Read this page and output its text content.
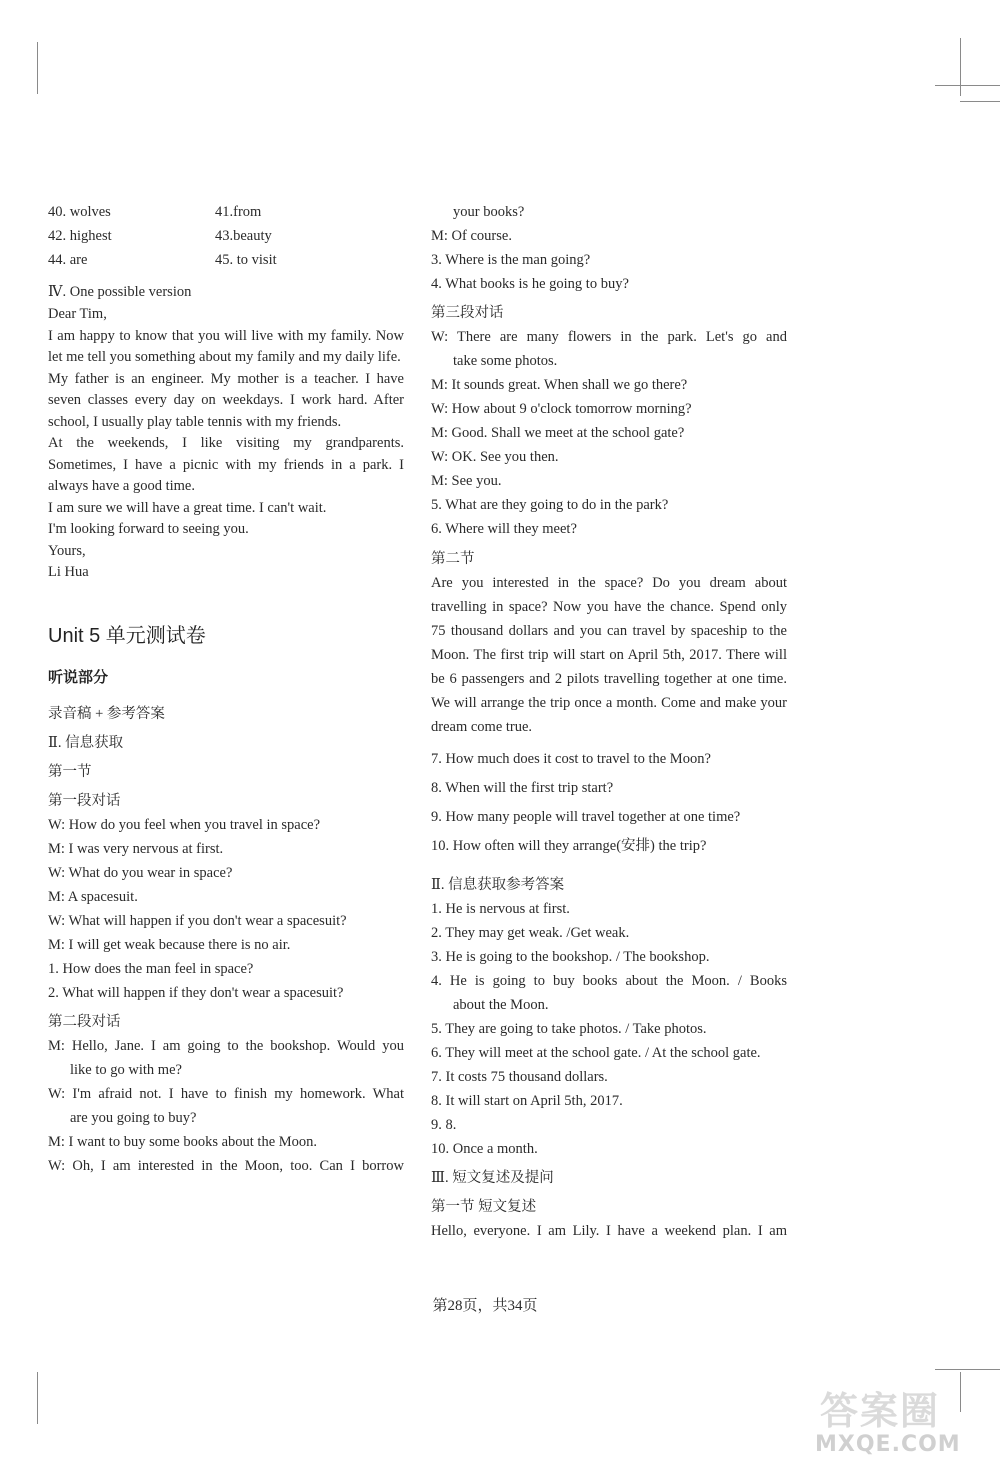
40. wolves	41.from
42. highest	43.beauty
44. are	45. to visit
Ⅳ. One possible version
Dear Tim,
I am happy to know that you will live with my family. Now let me tell you something about my family and my daily life.
My father is an engineer. My mother is a teacher. I have seven classes every day on weekdays. I work hard. After school, I usually play table tennis with my friends.
At the weekends, I like visiting my grandparents. Sometimes, I have a picnic with my friends in a park. I always have a good time.
I am sure we will have a great time. I can't wait.
I'm looking forward to seeing you.
Yours,
Li Hua
Unit 5 单元测试卷
听说部分
录音稿 + 参考答案
Ⅱ. 信息获取
第一节
第一段对话
W: How do you feel when you travel in space?
M: I was very nervous at first.
W: What do you wear in space?
M: A spacesuit.
W: What will happen if you don't wear a spacesuit?
M: I will get weak because there is no air.
1. How does the man feel in space?
2. What will happen if they don't wear a spacesuit?
第二段对话
M: Hello, Jane. I am going to the bookshop. Would you
like to go with me?
W: I'm afraid not. I have to finish my homework. What
are you going to buy?
M: I want to buy some books about the Moon.
W: Oh, I am interested in the Moon, too. Can I borrow
your books?
M: Of course.
3. Where is the man going?
4. What books is he going to buy?
第三段对话
W: There are many flowers in the park. Let's go and
take some photos.
M: It sounds great. When shall we go there?
W: How about 9 o'clock tomorrow morning?
M: Good. Shall we meet at the school gate?
W: OK. See you then.
M: See you.
5. What are they going to do in the park?
6. Where will they meet?
第二节
Are you interested in the space? Do you dream about travelling in space? Now you have the chance. Spend only 75 thousand dollars and you can travel by spaceship to the Moon. The first trip will start on April 5th, 2017. There will be 6 passengers and 2 pilots travelling together at one time. We will arrange the trip once a month. Come and make your dream come true.
7. How much does it cost to travel to the Moon?
8. When will the first trip start?
9. How many people will travel together at one time?
10. How often will they arrange(安排) the trip?
Ⅱ. 信息获取参考答案
1. He is nervous at first.
2. They may get weak. /Get weak.
3. He is going to the bookshop. / The bookshop.
4. He is going to buy books about the Moon. / Books
about the Moon.
5. They are going to take photos. / Take photos.
6. They will meet at the school gate. / At the school gate.
7. It costs 75 thousand dollars.
8. It will start on April 5th, 2017.
9. 8.
10. Once a month.
Ⅲ. 短文复述及提问
第一节 短文复述
Hello, everyone. I am Lily. I have a weekend plan. I am
第28页，共34页
答案圈
MXQE.COM
